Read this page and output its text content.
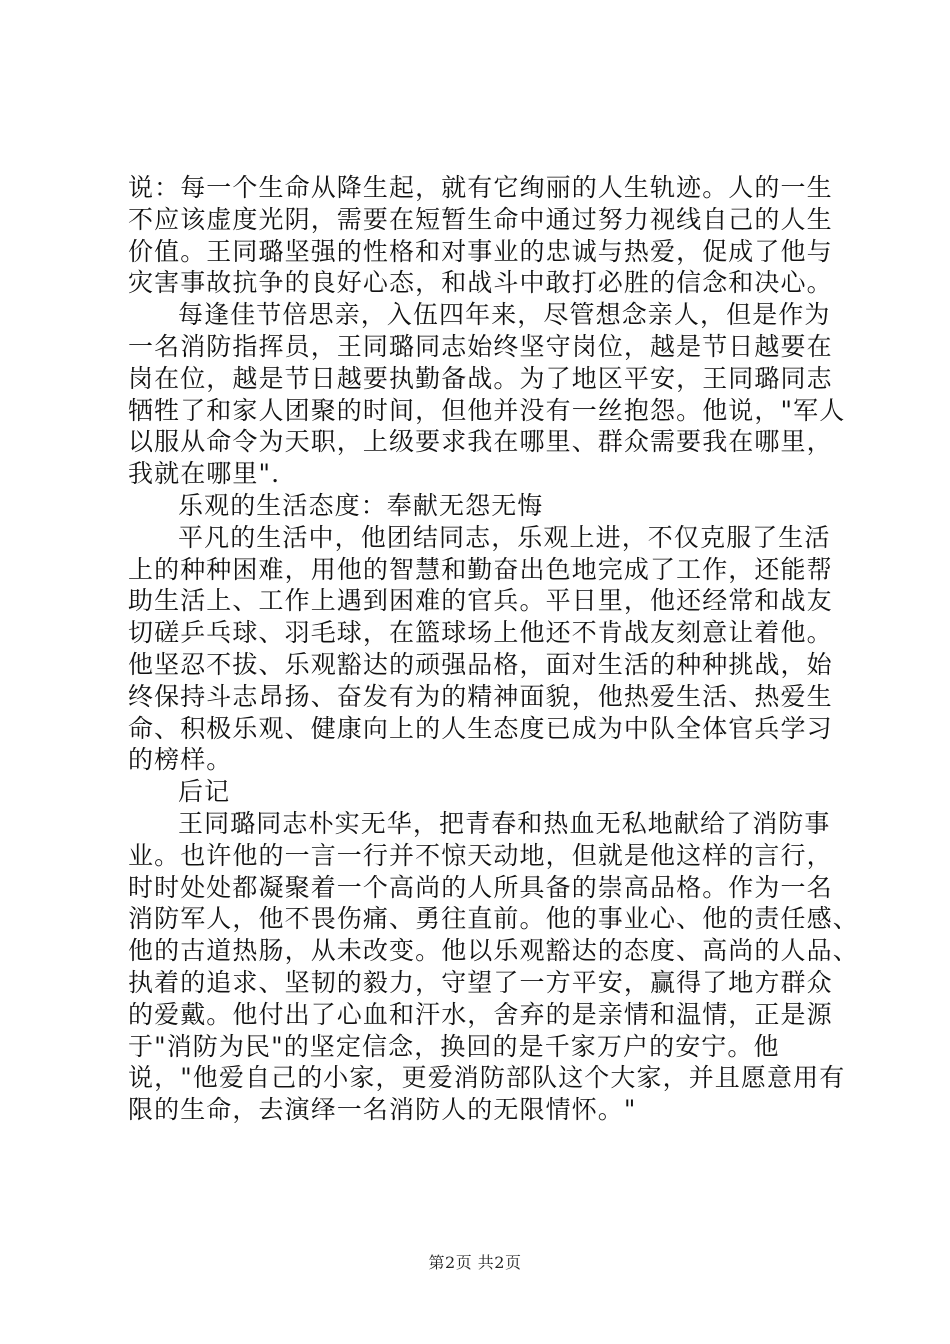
说：每一个生命从降生起，就有它绚丽的人生轨迹。人的一生
不应该虚度光阴，需要在短暂生命中通过努力视线自己的人生
价值。王同璐坚强的性格和对事业的忠诚与热爱，促成了他与
灾害事故抗争的良好心态，和战斗中敢打必胜的信念和决心。
每逢佳节倍思亲，入伍四年来，尽管想念亲人，但是作为
一名消防指挥员，王同璐同志始终坚守岗位，越是节日越要在
岗在位，越是节日越要执勤备战。为了地区平安，王同璐同志
牺牲了和家人团聚的时间，但他并没有一丝抱怨。他说，"军人
以服从命令为天职，上级要求我在哪里、群众需要我在哪里，
我就在哪里".
乐观的生活态度：奉献无怨无悔
平凡的生活中，他团结同志，乐观上进，不仅克服了生活
上的种种困难，用他的智慧和勤奋出色地完成了工作，还能帮
助生活上、工作上遇到困难的官兵。平日里，他还经常和战友
切磋乒乓球、羽毛球，在篮球场上他还不肯战友刻意让着他。
他坚忍不拔、乐观豁达的顽强品格，面对生活的种种挑战，始
终保持斗志昂扬、奋发有为的精神面貌，他热爱生活、热爱生
命、积极乐观、健康向上的人生态度已成为中队全体官兵学习
的榜样。
后记
王同璐同志朴实无华，把青春和热血无私地献给了消防事
业。也许他的一言一行并不惊天动地，但就是他这样的言行，
时时处处都凝聚着一个高尚的人所具备的崇高品格。作为一名
消防军人，他不畏伤痛、勇往直前。他的事业心、他的责任感、
他的古道热肠，从未改变。他以乐观豁达的态度、高尚的人品、
执着的追求、坚韧的毅力，守望了一方平安，赢得了地方群众
的爱戴。他付出了心血和汗水，舍弃的是亲情和温情，正是源
于"消防为民"的坚定信念，换回的是千家万户的安宁。他
说，"他爱自己的小家，更爱消防部队这个大家，并且愿意用有
限的生命，去演绎一名消防人的无限情怀。"
第2页 共2页
